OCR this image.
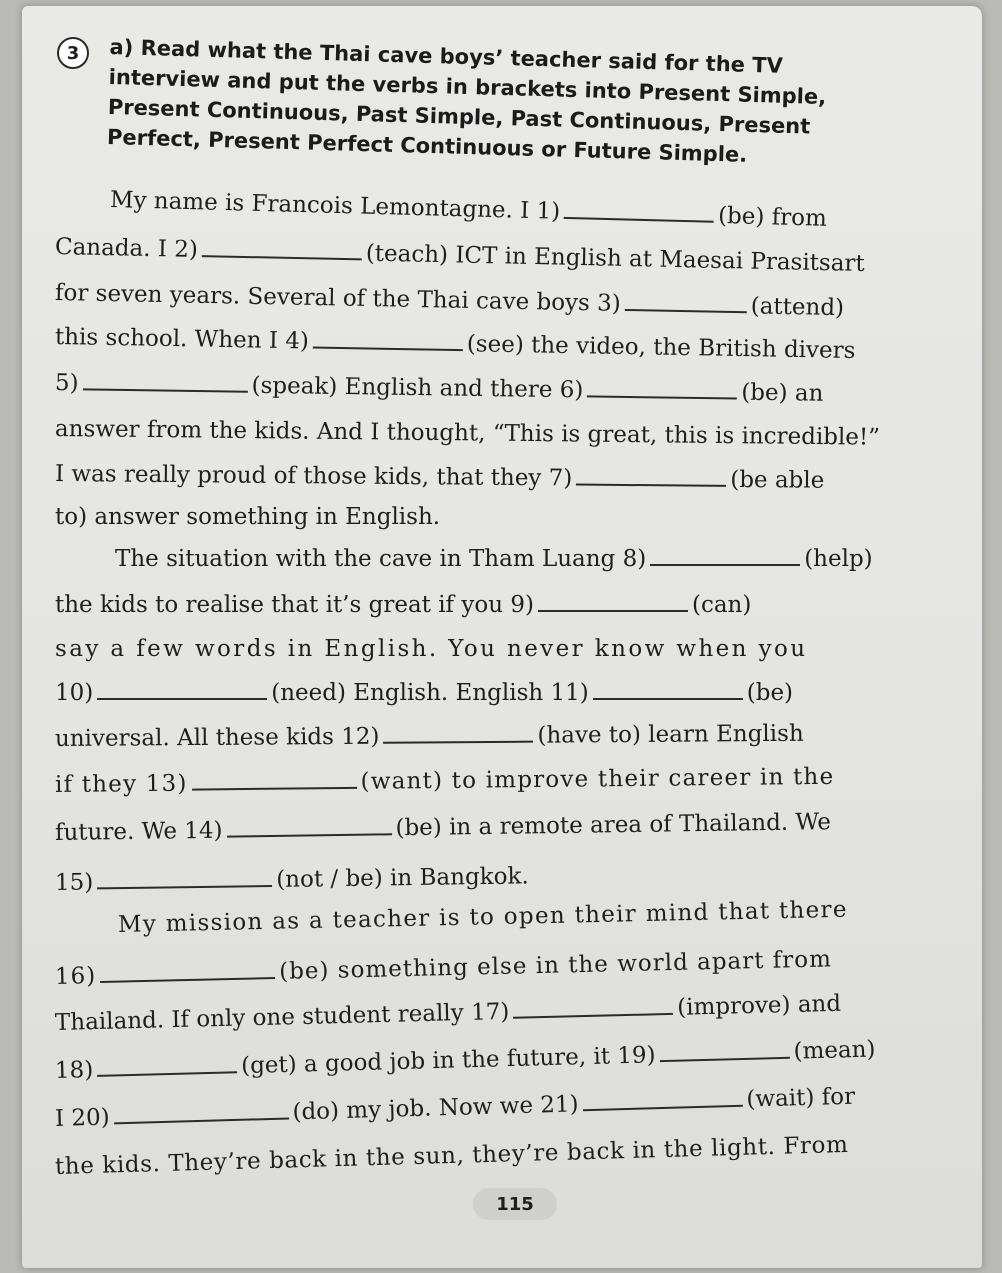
3	a) Read what the Thai cave boys’ teacher said for the TV interview and put the verbs in brackets into Present Simple, Present Continuous, Past Simple, Past Continuous, Present Perfect, Present Perfect Continuous or Future Simple.
My name is Francois Lemontagne. I 1)	(be) from
Canada. I 2)	(teach) ICT in English at Maesai Prasitsart
for seven years. Several of the Thai cave boys 3)	(attend)
this school. When I 4)	(see) the video, the British divers
5)	(speak) English and there 6)	(be) an
answer from the kids. And I thought, “This is great, this is incredible!”
I was really proud of those kids, that they 7)	(be able
to) answer something in English.
The situation with the cave in Tham Luang 8)	(help)
the kids to realise that it’s great if you 9)	(can)
say a few words in English. You never know when you
10)	(need) English. English 11)	(be)
universal. All these kids 12)	(have to) learn English
if they 13)	(want) to improve their career in the
future. We 14)	(be) in a remote area of Thailand. We
15)	(not / be) in Bangkok.
My mission as a teacher is to open their mind that there
16)	(be) something else in the world apart from
Thailand. If only one student really 17)	(improve) and
18)	(get) a good job in the future, it 19)	(mean)
I 20)	(do) my job. Now we 21)	(wait) for
the kids. They’re back in the sun, they’re back in the light. From
115
